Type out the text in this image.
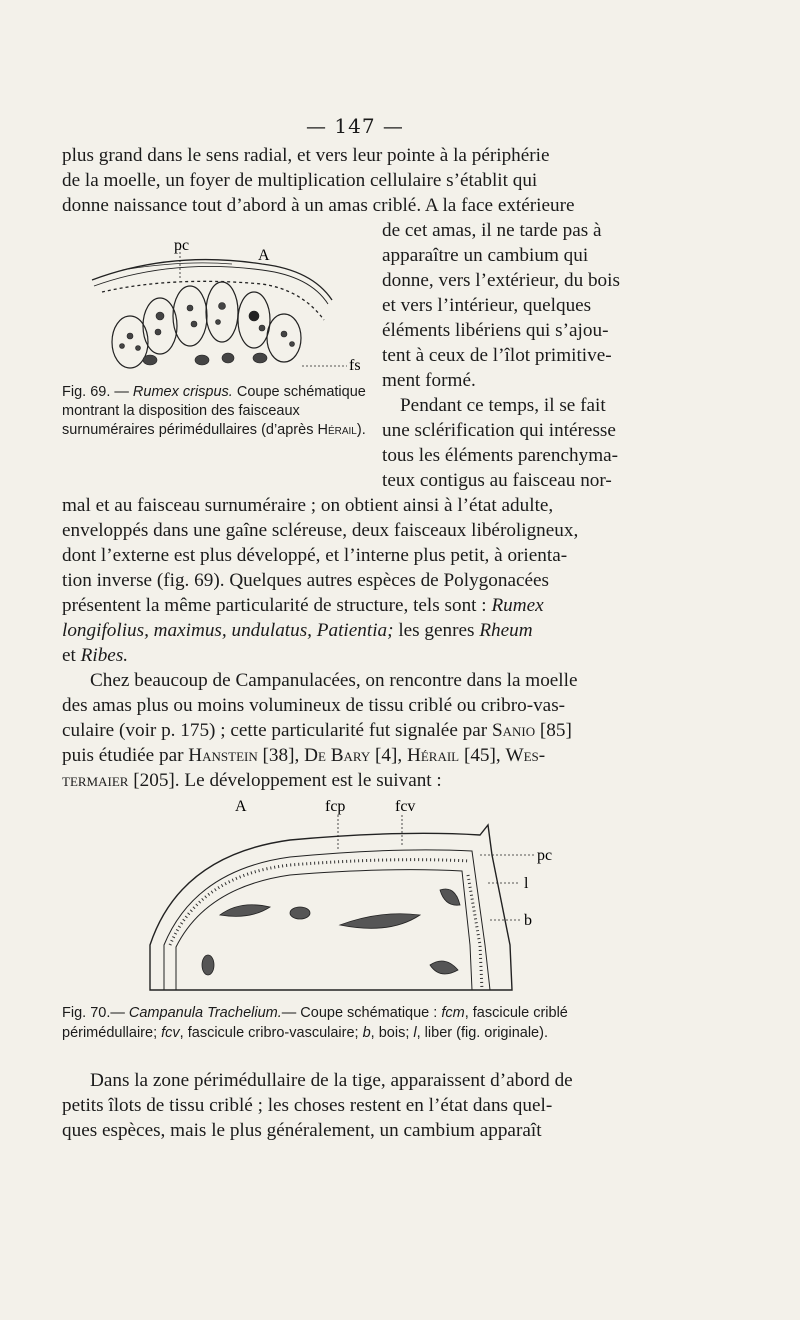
— 147 —
plus grand dans le sens radial, et vers leur pointe à la périphérie
de la moelle, un foyer de multiplication cellulaire s’établit qui
donne naissance tout d’abord à un amas criblé. A la face extérieure
de cet amas, il ne tarde pas à
apparaître un cambium qui
donne, vers l’extérieur, du bois
et vers l’intérieur, quelques
éléments libériens qui s’ajou-
tent à ceux de l’îlot primitive-
ment formé.
Pendant ce temps, il se fait
une sclérification qui intéresse
tous les éléments parenchyma-
teux contigus au faisceau nor-
pc
A
fs
Fig. 69. — Rumex crispus. Coupe schématique montrant la disposition des faisceaux surnuméraires périmédullaires (d’après Hérail).
mal et au faisceau surnuméraire ; on obtient ainsi à l’état adulte,
enveloppés dans une gaîne scléreuse, deux faisceaux libéroligneux,
dont l’externe est plus développé, et l’interne plus petit, à orienta-
tion inverse (fig. 69). Quelques autres espèces de Polygonacées
présentent la même particularité de structure, tels sont : Rumex
longifolius, maximus, undulatus, Patientia; les genres Rheum
et Ribes.
Chez beaucoup de Campanulacées, on rencontre dans la moelle
des amas plus ou moins volumineux de tissu criblé ou cribro-vas-
culaire (voir p. 175) ; cette particularité fut signalée par Sanio [85]
puis étudiée par Hanstein [38], De Bary [4], Hérail [45], Wes-
termaier [205]. Le développement est le suivant :
A	fcp	fcv
pc
l
b
Fig. 70.— Campanula Trachelium.— Coupe schématique : fcm, fascicule criblé périmédullaire; fcv, fascicule cribro-vasculaire; b, bois; l, liber (fig. originale).
Dans la zone périmédullaire de la tige, apparaissent d’abord de
petits îlots de tissu criblé ; les choses restent en l’état dans quel-
ques espèces, mais le plus généralement, un cambium apparaît
